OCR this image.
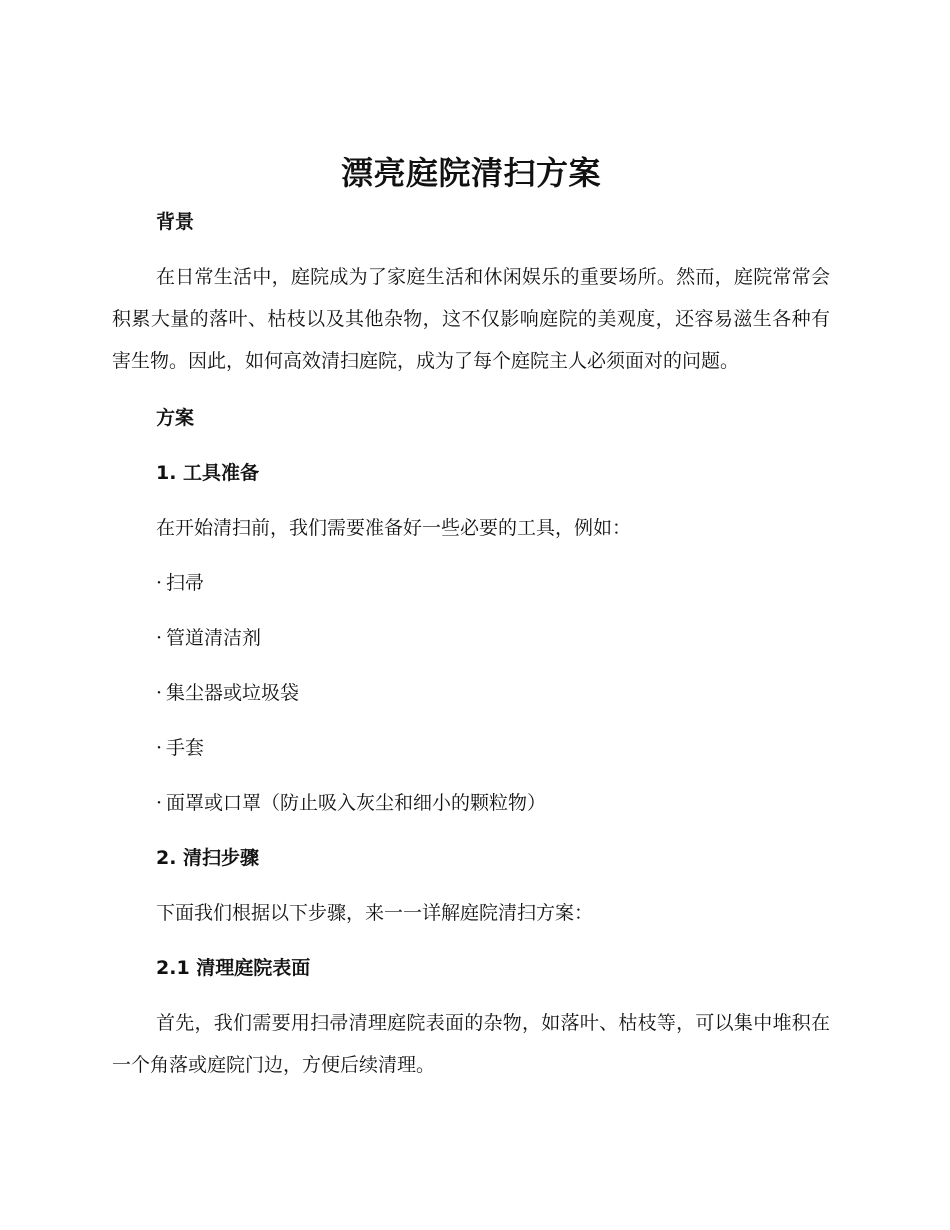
漂亮庭院清扫方案
背景

在日常生活中，庭院成为了家庭生活和休闲娱乐的重要场所。然而，庭院常常会积累大量的落叶、枯枝以及其他杂物，这不仅影响庭院的美观度，还容易滋生各种有害生物。因此，如何高效清扫庭院，成为了每个庭院主人必须面对的问题。

方案
1. 工具准备

在开始清扫前，我们需要准备好一些必要的工具，例如：

· 扫帚

· 管道清洁剂

· 集尘器或垃圾袋

· 手套

· 面罩或口罩（防止吸入灰尘和细小的颗粒物）

2. 清扫步骤

下面我们根据以下步骤，来一一详解庭院清扫方案：

2.1 清理庭院表面

首先，我们需要用扫帚清理庭院表面的杂物，如落叶、枯枝等，可以集中堆积在一个角落或庭院门边，方便后续清理。
